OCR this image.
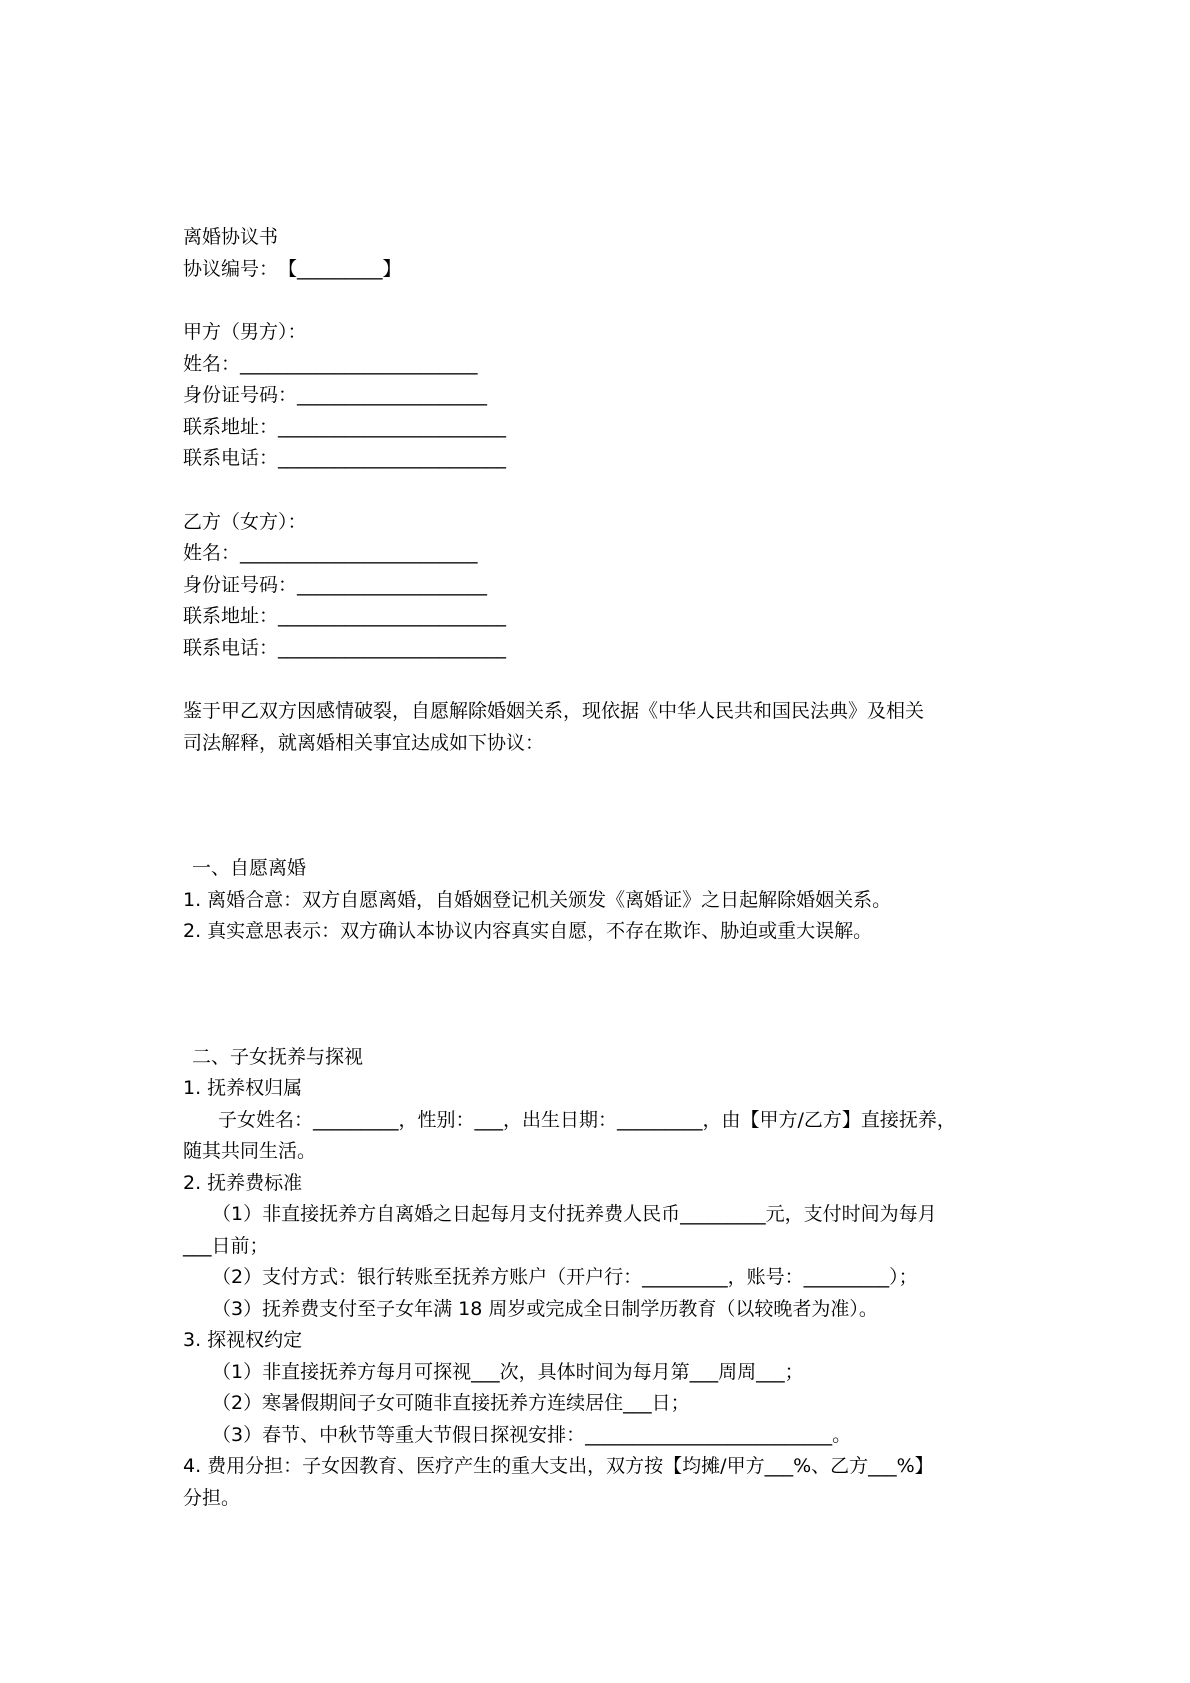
离婚协议书
协议编号：　【_________】
甲方（男方）：
姓名：_________________________
身份证号码：____________________
联系地址：________________________
联系电话：________________________
乙方（女方）：
姓名：_________________________
身份证号码：____________________
联系地址：________________________
联系电话：________________________
鉴于甲乙双方因感情破裂，自愿解除婚姻关系，现依据《中华人民共和国民法典》及相关
司法解释，就离婚相关事宜达成如下协议：
一、自愿离婚
1. 离婚合意：双方自愿离婚，自婚姻登记机关颁发《离婚证》之日起解除婚姻关系。
2. 真实意思表示：双方确认本协议内容真实自愿，不存在欺诈、胁迫或重大误解。
二、子女抚养与探视
1. 抚养权归属
子女姓名：_________，性别：___，出生日期：_________，由【甲方/乙方】直接抚养，
随其共同生活。
2. 抚养费标准
（1）非直接抚养方自离婚之日起每月支付抚养费人民币_________元，支付时间为每月
___日前；
（2）支付方式：银行转账至抚养方账户（开户行：_________，账号：_________）；
（3）抚养费支付至子女年满 18 周岁或完成全日制学历教育（以较晚者为准）。
3. 探视权约定
（1）非直接抚养方每月可探视___次，具体时间为每月第___周周___；
（2）寒暑假期间子女可随非直接抚养方连续居住___日；
（3）春节、中秋节等重大节假日探视安排：__________________________。
4. 费用分担：子女因教育、医疗产生的重大支出，双方按【均摊/甲方___%、乙方___%】
分担。
